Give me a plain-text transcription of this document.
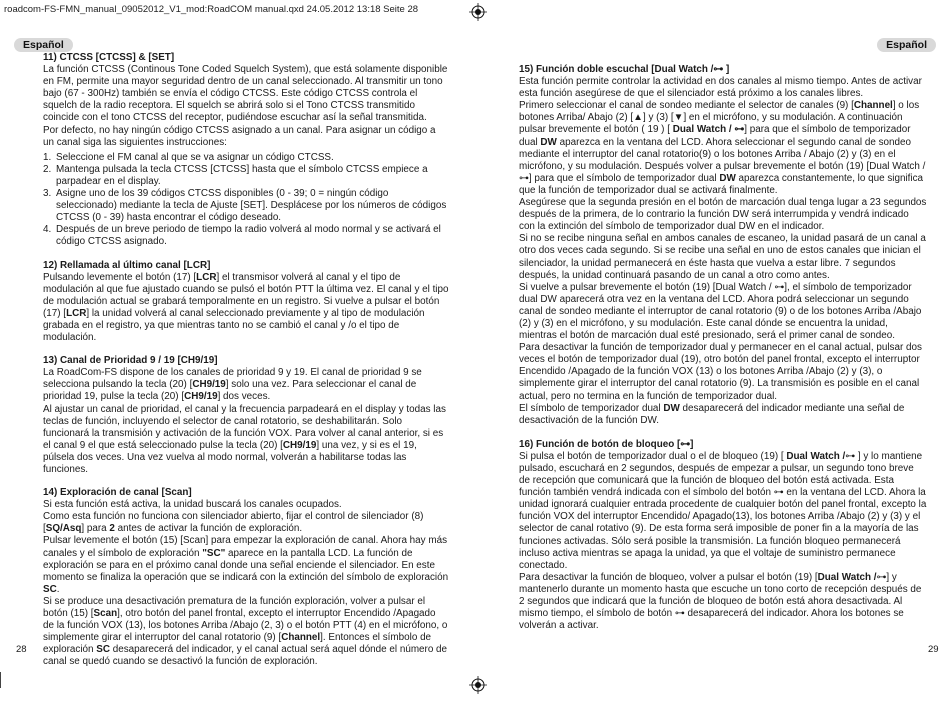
roadcom-FS-FMN_manual_09052012_V1_mod:RoadCOM manual.qxd 24.05.2012 13:18 Seite 28
Español	Español

11) CTCSS [CTCSS] & [SET]

La función CTCSS (Continous Tone Coded Squelch System), que está solamente disponible en FM, permite una mayor seguridad dentro de un canal seleccionado. Al transmitir un tono bajo (67 - 300Hz) también se envía el código CTCSS. Este código CTCSS controla el squelch de la radio receptora. El squelch se abrirá solo si el Tono CTCSS transmitido coincide con el tono CTCSS del receptor, pudiéndose escuchar así la señal transmitida.

Por defecto, no hay ningún código CTCSS asignado a un canal. Para asignar un código a un canal siga las siguientes instrucciones:

1. Seleccione el FM canal al que se va asignar un código CTCSS.
2. Mantenga pulsada la tecla CTCSS [CTCSS] hasta que el símbolo CTCSS empiece a parpadear en el display.
3. Asigne uno de los 39 códigos CTCSS disponibles (0 - 39; 0 = ningún código seleccionado) mediante la tecla de Ajuste [SET]. Desplácese por los números de códigos CTCSS (0 - 39) hasta encontrar el código deseado.
4. Después de un breve periodo de tiempo la radio volverá al modo normal y se activará el código CTCSS asignado.

12) Rellamada al último canal [LCR]

Pulsando levemente el botón (17) [LCR] el transmisor volverá al canal y el tipo de modulación al que fue ajustado cuando se pulsó el botón PTT la última vez. El canal y el tipo de modulación actual se grabará temporalmente en un registro. Si vuelve a pulsar el botón (17) [LCR] la unidad volverá al canal seleccionado previamente y al tipo de modulación grabada en el registro, ya que mientras tanto no se cambió el canal y /o el tipo de modulación.

13) Canal de Prioridad 9 / 19 [CH9/19]

La RoadCom-FS dispone de los canales de prioridad 9 y 19. El canal de prioridad 9 se selecciona pulsando la tecla (20) [CH9/19] solo una vez. Para seleccionar el canal de prioridad 19, pulse la tecla (20) [CH9/19] dos veces.

Al ajustar un canal de prioridad, el canal y la frecuencia parpadeará en el display y todas las teclas de función, incluyendo el selector de canal rotatorio, se deshabilitarán. Solo funcionará la transmisión y activación de la función VOX. Para volver al canal anterior, si es el canal 9 el que está seleccionado pulse la tecla (20) [CH9/19] una vez, y si es el 19, púlsela dos veces. Una vez vuelva al modo normal, volverán a habilitarse todas las funciones.

14) Exploración de canal [Scan]

Si esta función está activa, la unidad buscará los canales ocupados.

Como esta función no funciona con silenciador abierto, fijar el control de silenciador (8) [SQ/Asq] para 2 antes de activar la función de exploración.

Pulsar levemente el botón (15) [Scan] para empezar la exploración de canal. Ahora hay más canales y el símbolo de exploración "SC" aparece en la pantalla LCD. La función de exploración se para en el próximo canal donde una señal enciende el silenciador. En este momento se finaliza la operación que se indicará con la extinción del símbolo de exploración SC.

Si se produce una desactivación prematura de la función exploración, volver a pulsar el botón (15) [Scan], otro botón del panel frontal, excepto el interruptor Encendido /Apagado de la función VOX (13), los botones Arriba /Abajo (2, 3) o el botón PTT (4) en el micrófono, o simplemente girar el interruptor del canal rotatorio (9) [Channel]. Entonces el símbolo de exploración SC desaparecerá del indicador, y el canal actual será aquel dónde el número de canal se quedó cuando se desactivó la función de exploración.

15) Función doble escuchal [Dual Watch /⊶ ]

Esta función permite controlar la actividad en dos canales al mismo tiempo. Antes de activar esta función asegúrese de que el silenciador está próximo a los canales libres.

Primero seleccionar el canal de sondeo mediante el selector de canales (9) [Channel] o los botones Arriba/ Abajo (2) [▲] y (3) [▼] en el micrófono, y su modulación. A continuación pulsar brevemente el botón ( 19 ) [ Dual Watch / ⊶] para que el símbolo de temporizador dual DW aparezca en la ventana del LCD. Ahora seleccionar el segundo canal de sondeo mediante el interruptor del canal rotatorio(9) o los botones Arriba / Abajo (2) y (3) en el micrófono, y su modulación. Después volver a pulsar brevemente el botón (19) [Dual Watch /⊶] para que el símbolo de temporizador dual DW aparezca constantemente, lo que significa que la función de temporizador dual se activará finalmente.

Asegúrese que la segunda presión en el botón de marcación dual tenga lugar a 23 segundos después de la primera, de lo contrario la función DW será interrumpida y vendrá indicado con la extinción del símbolo de temporizador dual DW en el indicador.

Si no se recibe ninguna señal en ambos canales de escaneo, la unidad pasará de un canal a otro dos veces cada segundo. Si se recibe una señal en uno de estos canales que inician el silenciador, la unidad permanecerá en éste hasta que vuelva a estar libre. 7 segundos después, la unidad continuará pasando de un canal a otro como antes.

Si vuelve a pulsar brevemente el botón (19) [Dual Watch / ⊶], el símbolo de temporizador dual DW aparecerá otra vez en la ventana del LCD. Ahora podrá seleccionar un segundo canal de sondeo mediante el interruptor de canal rotatorio (9) o de los botones Arriba /Abajo (2) y (3) en el micrófono, y su modulación. Este canal dónde se encuentra la unidad, mientras el botón de marcación dual esté presionado, será el primer canal de sondeo.

Para desactivar la función de temporizador dual y permanecer en el canal actual, pulsar dos veces el botón de temporizador dual (19), otro botón del panel frontal, excepto el interruptor Encendido /Apagado de la función VOX (13) o los botones Arriba /Abajo (2) y (3), o simplemente girar el interruptor del canal rotatorio (9). La transmisión es posible en el canal actual, pero no termina en la función de temporizador dual.

El símbolo de temporizador dual DW desaparecerá del indicador mediante una señal de desactivación de la función DW.

16) Función de botón de bloqueo [⊶]

Si pulsa el botón de temporizador dual o el de bloqueo (19) [ Dual Watch /⊶ ] y lo mantiene pulsado, escuchará en 2 segundos, después de empezar a pulsar, un segundo tono breve de recepción que comunicará que la función de bloqueo del botón está activada. Esta función también vendrá indicada con el símbolo del botón ⊶ en la ventana del LCD. Ahora la unidad ignorará cualquier entrada procedente de cualquier botón del panel frontal, excepto la función VOX del interruptor Encendido/ Apagado(13), los botones Arriba /Abajo (2) y (3) y el selector de canal rotativo (9). De esta forma será imposible de poner fin a la mayoría de las funciones activadas. Sólo será posible la transmisión. La función bloqueo permanecerá incluso activa mientras se apaga la unidad, ya que el voltaje de suministro permanece conectado.

Para desactivar la función de bloqueo, volver a pulsar el botón (19) [Dual Watch /⊶] y mantenerlo durante un momento hasta que escuche un tono corto de recepción después de 2 segundos que indicará que la función de bloqueo de botón está ahora desactivada. Al mismo tiempo, el símbolo de botón ⊶ desaparecerá del indicador. Ahora los botones se volverán a activar.

28	29
